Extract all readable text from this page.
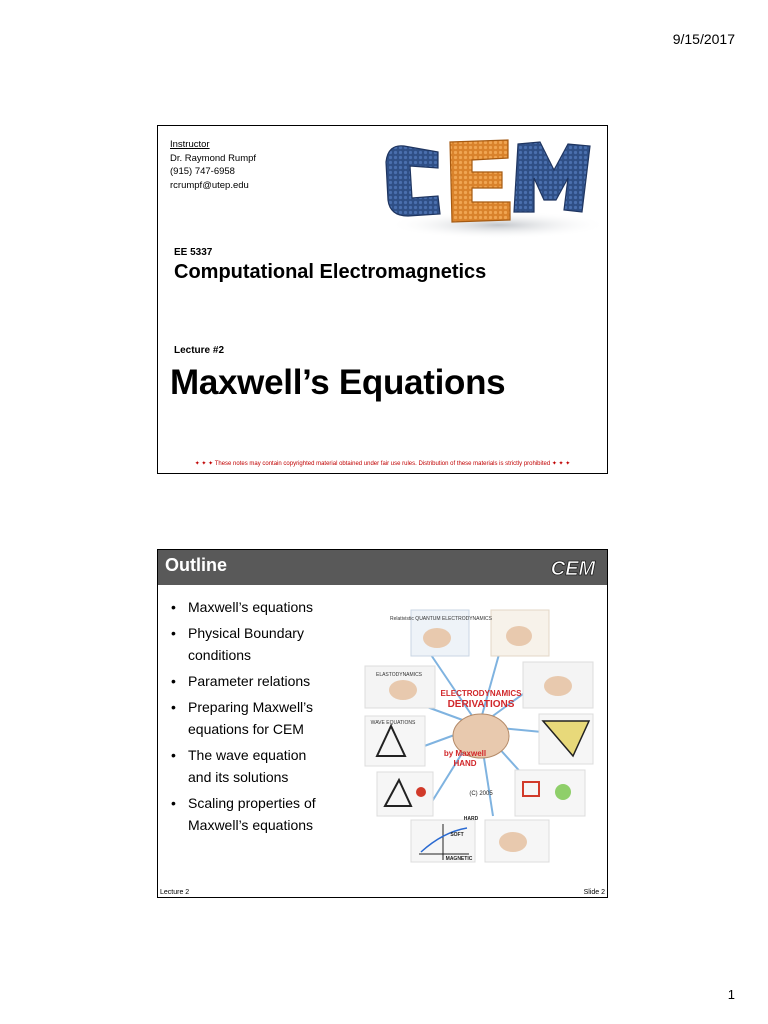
9/15/2017
Instructor
Dr. Raymond Rumpf
(915) 747-6958
rcrumpf@utep.edu
EE 5337
Computational Electromagnetics
Lecture #2
Maxwell’s Equations
✦ ✦ ✦ These notes may contain copyrighted material obtained under fair use rules. Distribution of these materials is strictly prohibited ✦ ✦ ✦
Outline	CEM
• Maxwell’s equations
• Physical Boundary
conditions
• Parameter relations
• Preparing Maxwell’s
equations for CEM
• The wave equation
and its solutions
• Scaling properties of
Maxwell’s equations
Relativistic QUANTUM ELECTRODYNAMICS
ELASTODYNAMICS
WAVE EQUATIONS
ELECTRODYNAMICS
DERIVATIONS
by Maxwell
HAND
(C) 2005
HARD
SOFT
MAGNETIC
Lecture 2	Slide 2
1
